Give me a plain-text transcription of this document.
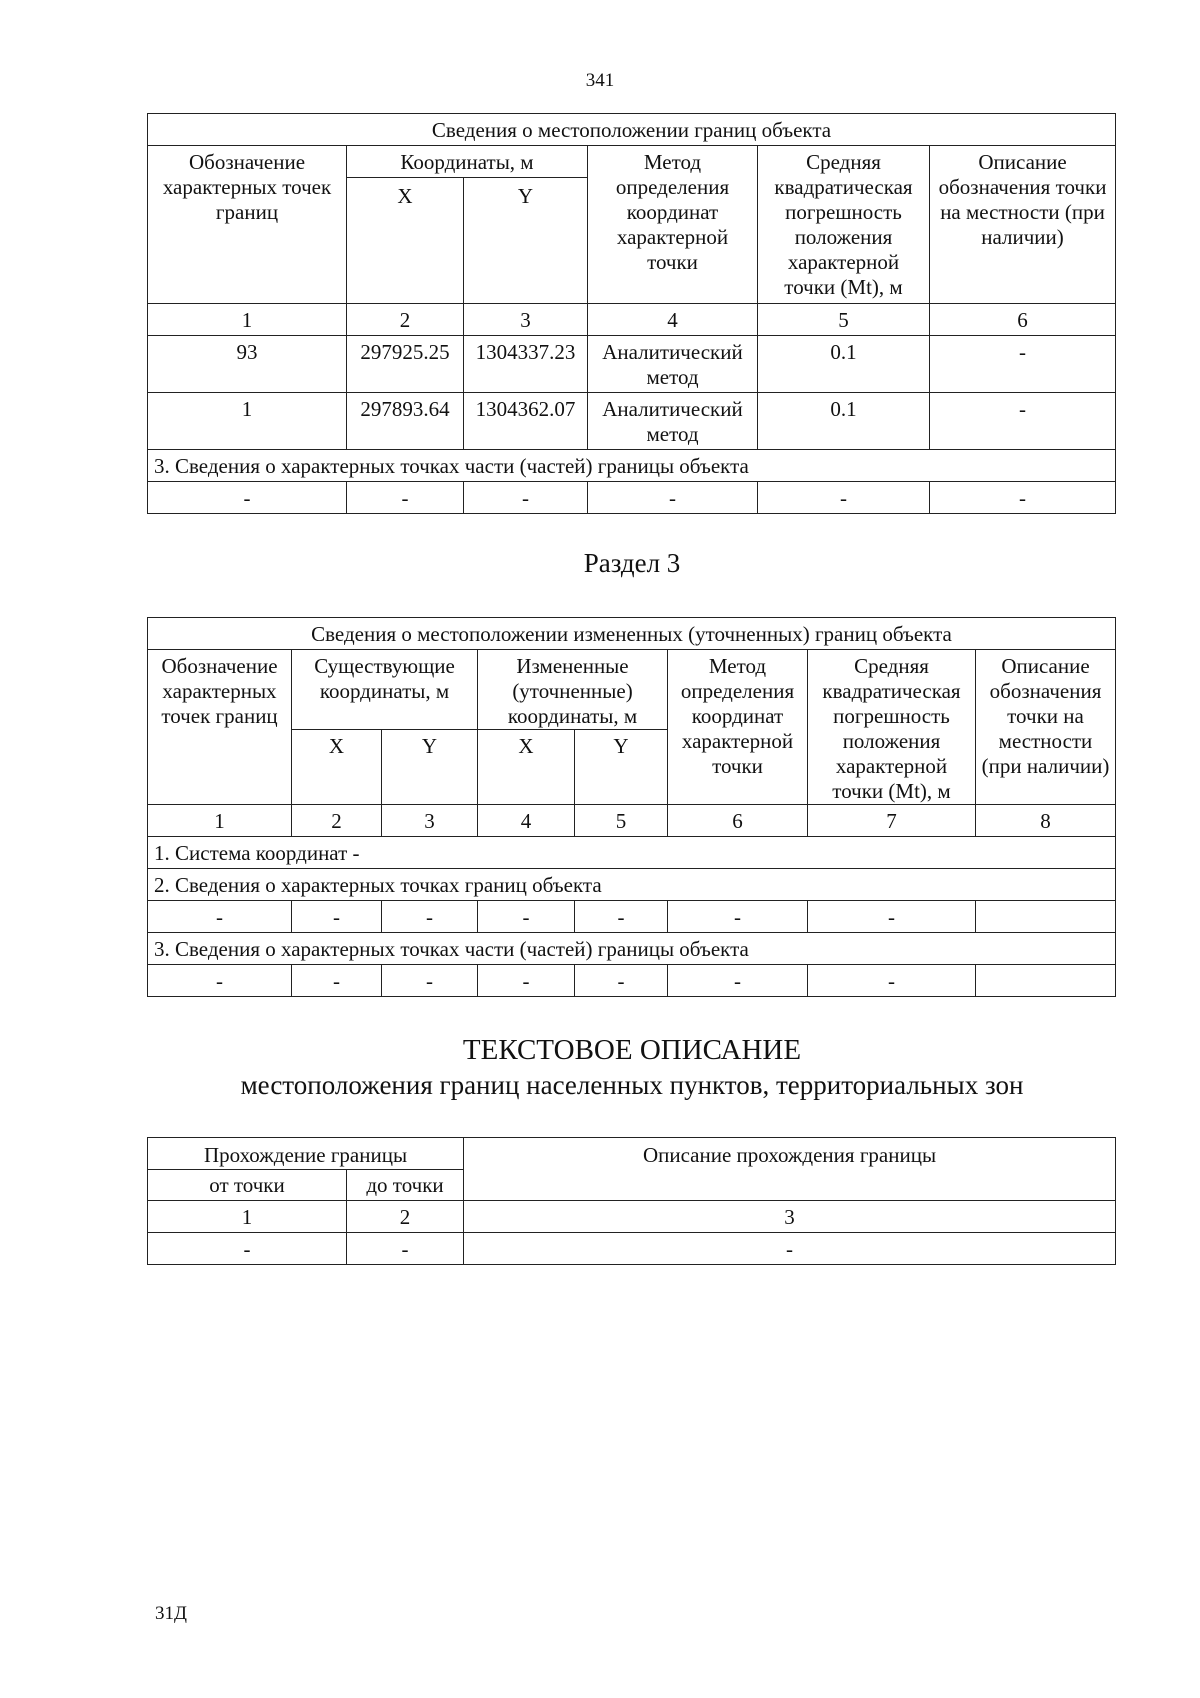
341
Сведения о местоположении границ объекта					
Обозначение характерных точек границ	Координаты, м		Метод определения координат характерной точки	Средняя квадратическая погрешность положения характерной точки (Mt), м	Описание обозначения точки на местности (при наличии)
	X	Y			
1	2	3	4	5	6
93	297925.25	1304337.23	Аналитический метод	0.1	-
1	297893.64	1304362.07	Аналитический метод	0.1	-
3. Сведения о характерных точках части (частей) границы объекта					
-	-	-	-	-	-
Раздел 3
Сведения о местоположении измененных (уточненных) границ объекта							
Обозначение характерных точек границ	Существующие координаты, м		Измененные (уточненные) координаты, м		Метод определения координат характерной точки	Средняя квадратическая погрешность положения характерной точки (Mt), м	Описание обозначения точки на местности (при наличии)
	X	Y	X	Y			
1	2	3	4	5	6	7	8
1. Система координат -							
2. Сведения о характерных точках границ объекта							
-	-	-	-	-	-	-	
3. Сведения о характерных точках части (частей) границы объекта							
-	-	-	-	-	-	-	
ТЕКСТОВОЕ ОПИСАНИЕ
местоположения границ населенных пунктов, территориальных зон
Прохождение границы		Описание прохождения границы
от точки	до точки	
1	2	3
-	-	-
31Д
